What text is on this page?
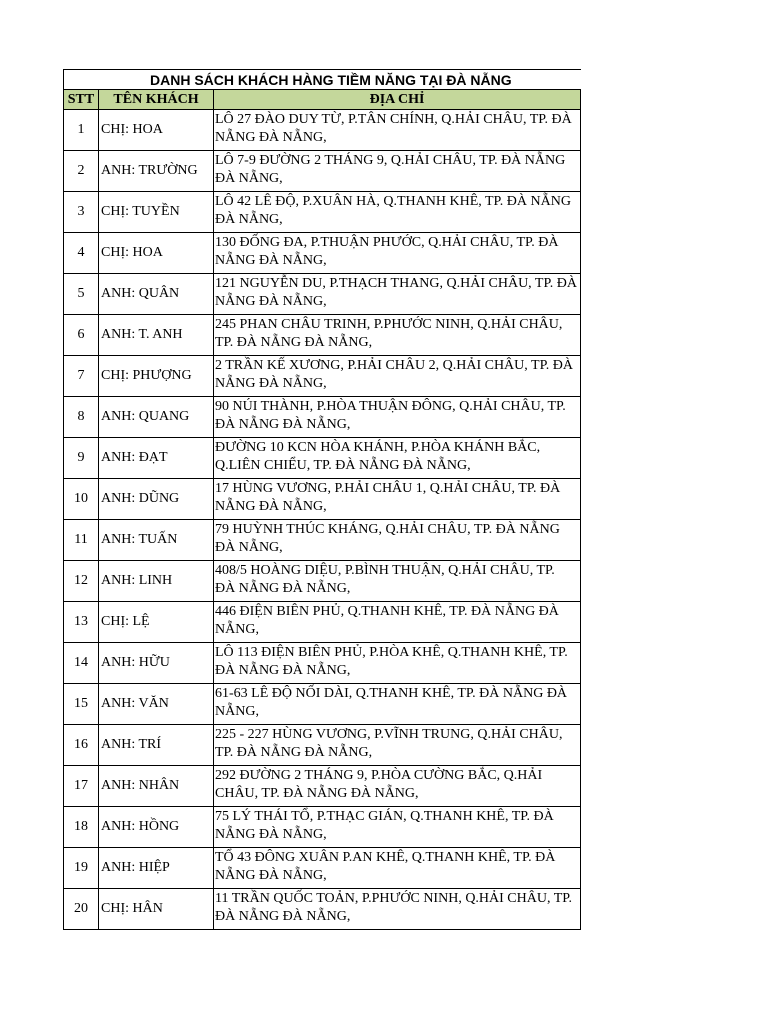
DANH SÁCH KHÁCH HÀNG TIỀM NĂNG TẠI ĐÀ NẴNG		
STT	TÊN KHÁCH	ĐỊA CHỈ
1	CHỊ: HOA	LÔ 27 ĐÀO DUY TỪ, P.TÂN CHÍNH, Q.HẢI CHÂU, TP. ĐÀ NẴNG ĐÀ NẴNG,
2	ANH: TRƯỜNG	LÔ 7-9 ĐƯỜNG 2 THÁNG 9, Q.HẢI CHÂU, TP. ĐÀ NẴNG ĐÀ NẴNG,
3	CHỊ: TUYỀN	LÔ 42 LÊ ĐỘ, P.XUÂN HÀ, Q.THANH KHÊ, TP. ĐÀ NẴNG ĐÀ NẴNG,
4	CHỊ: HOA	130 ĐỐNG ĐA, P.THUẬN PHƯỚC, Q.HẢI CHÂU, TP. ĐÀ NẴNG ĐÀ NẴNG,
5	ANH: QUÂN	121 NGUYỄN DU, P.THẠCH THANG, Q.HẢI CHÂU, TP. ĐÀ NẴNG ĐÀ NẴNG,
6	ANH: T. ANH	245 PHAN CHÂU TRINH, P.PHƯỚC NINH, Q.HẢI CHÂU, TP. ĐÀ NẴNG ĐÀ NẴNG,
7	CHỊ: PHƯỢNG	2 TRẦN KẾ XƯƠNG, P.HẢI CHÂU 2, Q.HẢI CHÂU, TP. ĐÀ NẴNG ĐÀ NẴNG,
8	ANH: QUANG	90 NÚI THÀNH, P.HÒA THUẬN ĐÔNG, Q.HẢI CHÂU, TP. ĐÀ NẴNG ĐÀ NẴNG,
9	ANH: ĐẠT	ĐƯỜNG 10 KCN HÒA KHÁNH, P.HÒA KHÁNH BẮC, Q.LIÊN CHIỂU, TP. ĐÀ NẴNG ĐÀ NẴNG,
10	ANH: DŨNG	17 HÙNG VƯƠNG, P.HẢI CHÂU 1, Q.HẢI CHÂU, TP. ĐÀ NẴNG ĐÀ NẴNG,
11	ANH: TUẤN	79 HUỲNH THÚC KHÁNG, Q.HẢI CHÂU, TP. ĐÀ NẴNG ĐÀ NẴNG,
12	ANH: LINH	408/5 HOÀNG DIỆU, P.BÌNH THUẬN, Q.HẢI CHÂU, TP. ĐÀ NẴNG ĐÀ NẴNG,
13	CHỊ: LỆ	446 ĐIỆN BIÊN PHỦ, Q.THANH KHÊ, TP. ĐÀ NẴNG ĐÀ NẴNG,
14	ANH: HỮU	LÔ 113 ĐIỆN BIÊN PHỦ, P.HÒA KHÊ, Q.THANH KHÊ, TP. ĐÀ NẴNG ĐÀ NẴNG,
15	ANH: VĂN	61-63 LÊ ĐỘ NỐI DÀI, Q.THANH KHÊ, TP. ĐÀ NẴNG ĐÀ NẴNG,
16	ANH: TRÍ	225 - 227 HÙNG VƯƠNG, P.VĨNH TRUNG, Q.HẢI CHÂU, TP. ĐÀ NẴNG ĐÀ NẴNG,
17	ANH: NHÂN	292 ĐƯỜNG 2 THÁNG 9, P.HÒA CƯỜNG BẮC, Q.HẢI CHÂU, TP. ĐÀ NẴNG ĐÀ NẴNG,
18	ANH: HỒNG	75 LÝ THÁI TỔ, P.THẠC GIÁN, Q.THANH KHÊ, TP. ĐÀ NẴNG ĐÀ NẴNG,
19	ANH: HIỆP	TỔ 43 ĐÔNG XUÂN P.AN KHÊ, Q.THANH KHÊ, TP. ĐÀ NẴNG ĐÀ NẴNG,
20	CHỊ: HÂN	11 TRẦN QUỐC TOẢN, P.PHƯỚC NINH, Q.HẢI CHÂU, TP. ĐÀ NẴNG ĐÀ NẴNG,
